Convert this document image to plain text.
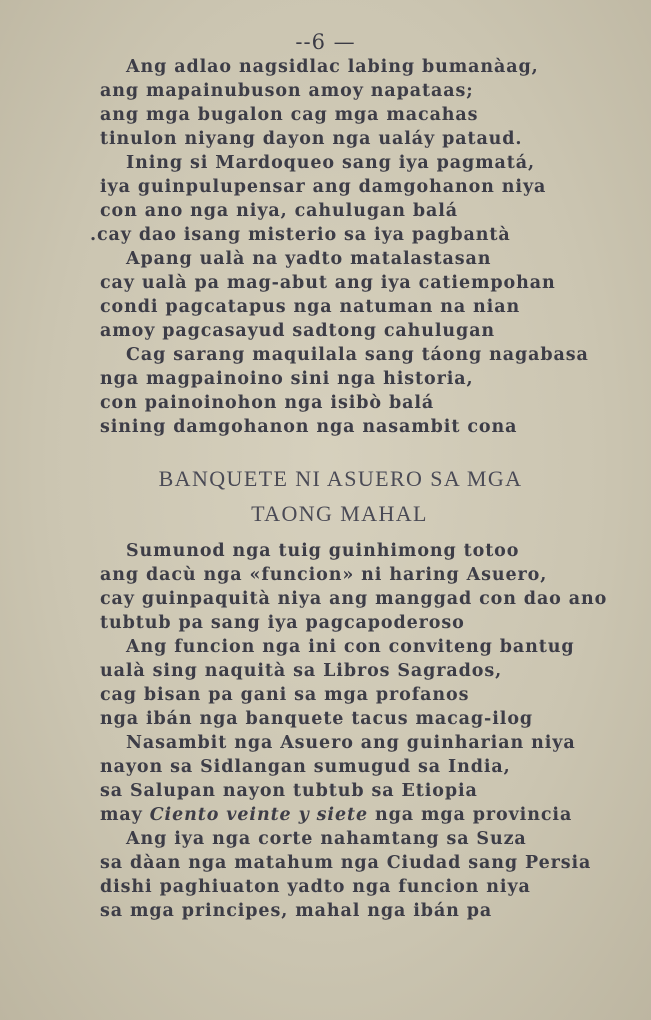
--6 —
Ang adlao nagsidlac labing bumanàag,
ang mapainubuson amoy napataas;
ang mga bugalon cag mga macahas
tinulon niyang dayon nga ualáy pataud.
Ining si Mardoqueo sang iya pagmatá,
iya guinpulupensar ang damgohanon niya
con ano nga niya, cahulugan balá
.cay dao isang misterio sa iya pagbantà
Apang ualà na yadto matalastasan
cay ualà pa mag-abut ang iya catiempohan
condi pagcatapus nga natuman na nian
amoy pagcasayud sadtong cahulugan
Cag sarang maquilala sang táong nagabasa
nga magpainoino sini nga historia,
con painoinohon nga isibò balá
sining damgohanon nga nasambit cona
BANQUETE NI ASUERO SA MGA
TAONG MAHAL
Sumunod nga tuig guinhimong totoo
ang dacù nga «funcion» ni haring Asuero,
cay guinpaquità niya ang manggad con dao ano
tubtub pa sang iya pagcapoderoso
Ang funcion nga ini con conviteng bantug
ualà sing naquità sa Libros Sagrados,
cag bisan pa gani sa mga profanos
nga ibán nga banquete tacus macag-ilog
Nasambit nga Asuero ang guinharian niya
nayon sa Sidlangan sumugud sa India,
sa Salupan nayon tubtub sa Etiopia
may Ciento veinte y siete nga mga provincia
Ang iya nga corte nahamtang sa Suza
sa dàan nga matahum nga Ciudad sang Persia
dishi paghiuaton yadto nga funcion niya
sa mga principes, mahal nga ibán pa
